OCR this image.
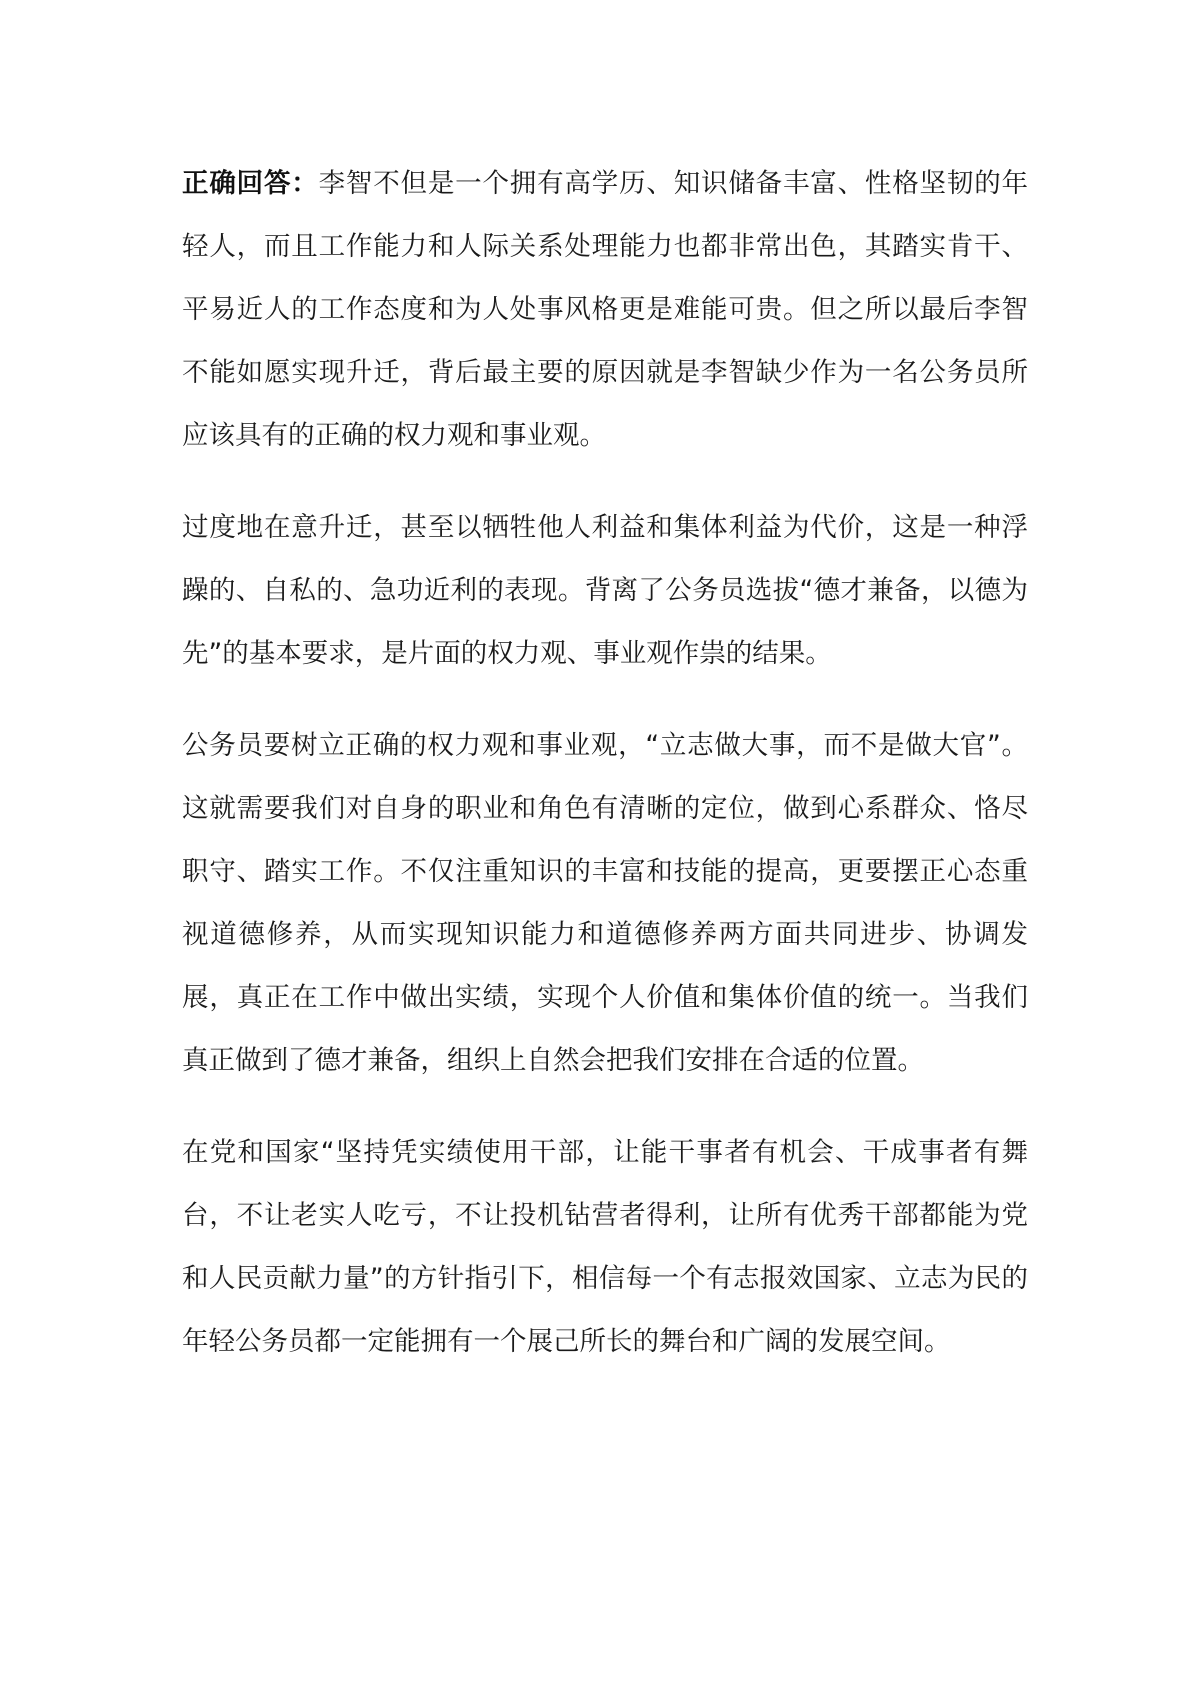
正确回答：李智不但是一个拥有高学历、知识储备丰富、性格坚韧的年轻人，而且工作能力和人际关系处理能力也都非常出色，其踏实肯干、平易近人的工作态度和为人处事风格更是难能可贵。但之所以最后李智不能如愿实现升迁，背后最主要的原因就是李智缺少作为一名公务员所应该具有的正确的权力观和事业观。

过度地在意升迁，甚至以牺牲他人利益和集体利益为代价，这是一种浮躁的、自私的、急功近利的表现。背离了公务员选拔“德才兼备，以德为先”的基本要求，是片面的权力观、事业观作祟的结果。

公务员要树立正确的权力观和事业观，“立志做大事，而不是做大官”。这就需要我们对自身的职业和角色有清晰的定位，做到心系群众、恪尽职守、踏实工作。不仅注重知识的丰富和技能的提高，更要摆正心态重视道德修养，从而实现知识能力和道德修养两方面共同进步、协调发展，真正在工作中做出实绩，实现个人价值和集体价值的统一。当我们真正做到了德才兼备，组织上自然会把我们安排在合适的位置。

在党和国家“坚持凭实绩使用干部，让能干事者有机会、干成事者有舞台，不让老实人吃亏，不让投机钻营者得利，让所有优秀干部都能为党和人民贡献力量”的方针指引下，相信每一个有志报效国家、立志为民的年轻公务员都一定能拥有一个展己所长的舞台和广阔的发展空间。
